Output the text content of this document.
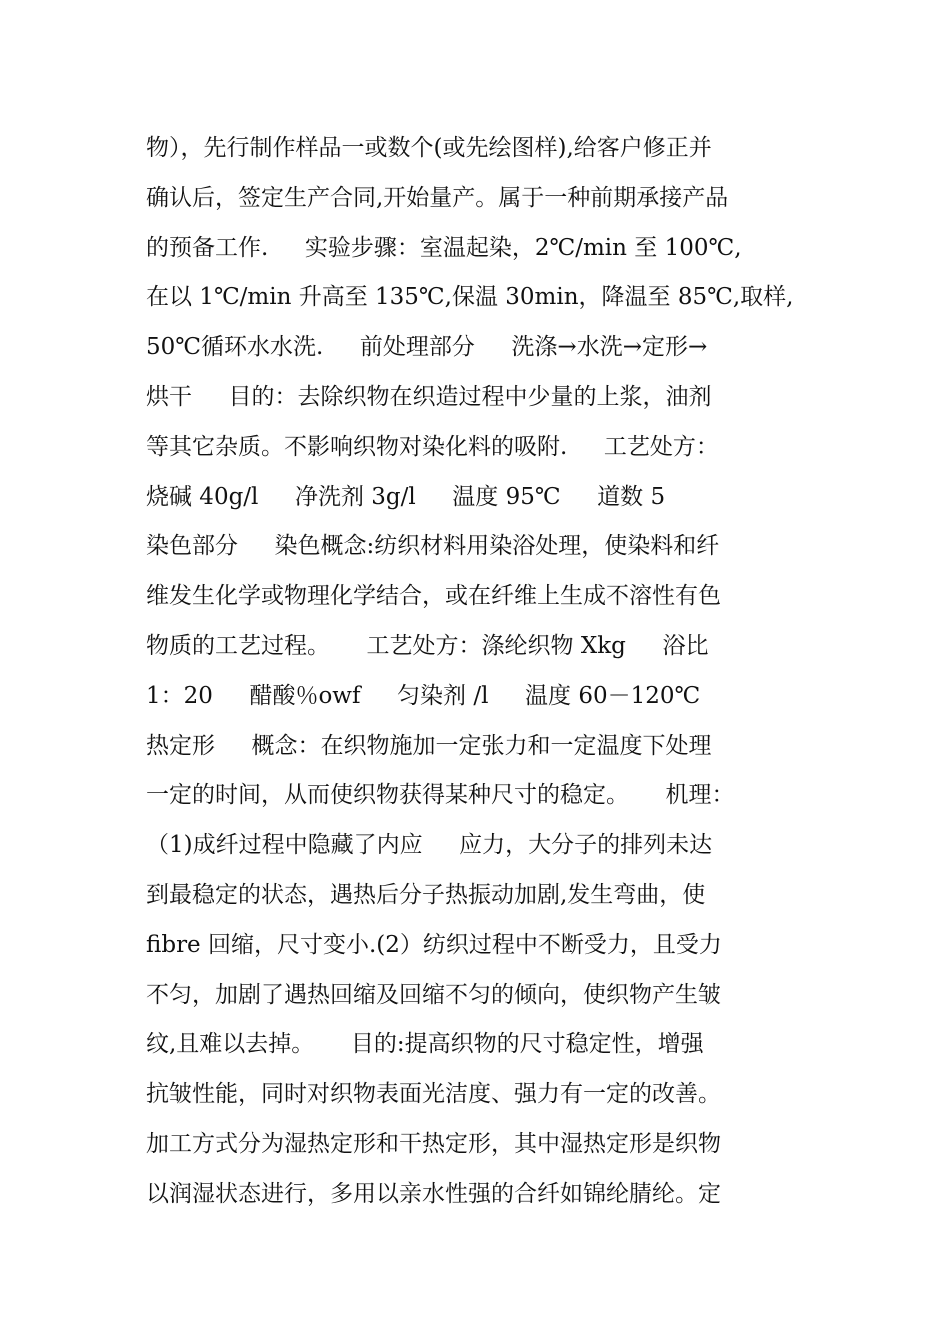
物），先行制作样品一或数个(或先绘图样),给客户修正并
确认后，签定生产合同,开始量产。属于一种前期承接产品
的预备工作.     实验步骤：室温起染，2℃/min 至 100℃,
在以 1℃/min 升高至 135℃,保温 30min，降温至 85℃,取样,
50℃循环水水洗.     前处理部分     洗涤→水洗→定形→
烘干     目的：去除织物在织造过程中少量的上浆，油剂
等其它杂质。不影响织物对染化料的吸附.     工艺处方：
烧碱 40g/l     净洗剂 3g/l     温度 95℃     道数 5
染色部分     染色概念:纺织材料用染浴处理，使染料和纤
维发生化学或物理化学结合，或在纤维上生成不溶性有色
物质的工艺过程。     工艺处方：涤纶织物 Xkg     浴比
1：20     醋酸％owf     匀染剂 /l     温度 60－120℃
热定形     概念：在织物施加一定张力和一定温度下处理
一定的时间，从而使织物获得某种尺寸的稳定。     机理：
（1)成纤过程中隐藏了内应     应力，大分子的排列未达
到最稳定的状态，遇热后分子热振动加剧,发生弯曲，使
fibre 回缩，尺寸变小.(2）纺织过程中不断受力，且受力
不匀，加剧了遇热回缩及回缩不匀的倾向，使织物产生皱
纹,且难以去掉。     目的:提高织物的尺寸稳定性，增强
抗皱性能，同时对织物表面光洁度、强力有一定的改善。
加工方式分为湿热定形和干热定形，其中湿热定形是织物
以润湿状态进行，多用以亲水性强的合纤如锦纶腈纶。定
